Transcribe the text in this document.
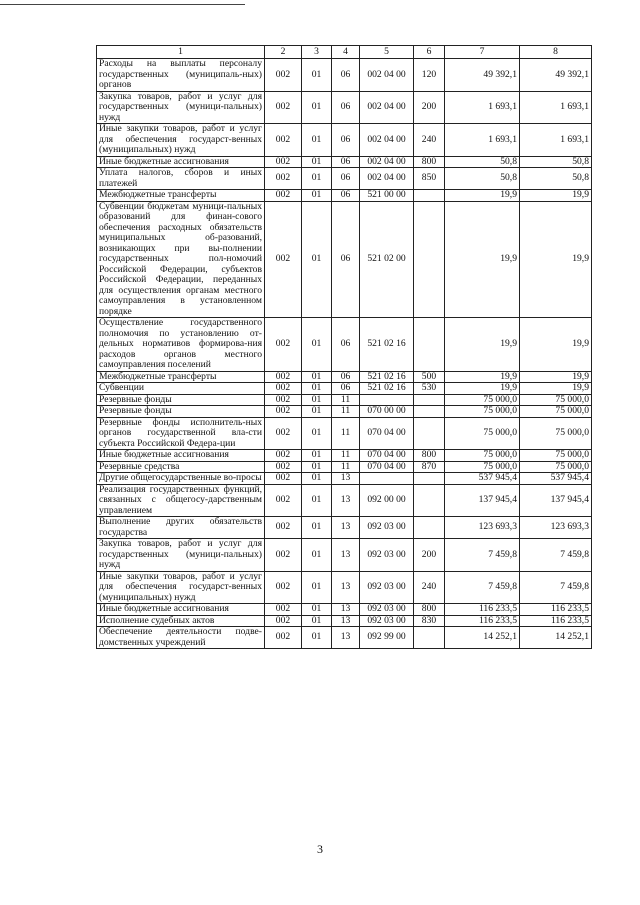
1	2	3	4	5	6	7	8
Расходы на выплаты персоналу государственных (муниципаль-ных) органов	002	01	06	002 04 00	120	49 392,1	49 392,1
Закупка товаров, работ и услуг для государственных (муници-пальных) нужд	002	01	06	002 04 00	200	1 693,1	1 693,1
Иные закупки товаров, работ и услуг для обеспечения государст-венных (муниципальных) нужд	002	01	06	002 04 00	240	1 693,1	1 693,1
Иные бюджетные ассигнования	002	01	06	002 04 00	800	50,8	50,8
Уплата налогов, сборов и иных платежей	002	01	06	002 04 00	850	50,8	50,8
Межбюджетные трансферты	002	01	06	521 00 00		19,9	19,9
Субвенции бюджетам муници-пальных образований для финан-сового обеспечения расходных обязательств муниципальных об-разований, возникающих при вы-полнении государственных пол-номочий Российской Федерации, субъектов Российской Федерации, переданных для осуществления органам местного самоуправления в установленном порядке	002	01	06	521 02 00		19,9	19,9
Осуществление государственного полномочия по установлению от-дельных нормативов формирова-ния расходов органов местного самоуправления поселений	002	01	06	521 02 16		19,9	19,9
Межбюджетные трансферты	002	01	06	521 02 16	500	19,9	19,9
Субвенции	002	01	06	521 02 16	530	19,9	19,9
Резервные фонды	002	01	11			75 000,0	75 000,0
Резервные фонды	002	01	11	070 00 00		75 000,0	75 000,0
Резервные фонды исполнитель-ных органов государственной вла-сти субъекта Российской Федера-ции	002	01	11	070 04 00		75 000,0	75 000,0
Иные бюджетные ассигнования	002	01	11	070 04 00	800	75 000,0	75 000,0
Резервные средства	002	01	11	070 04 00	870	75 000,0	75 000,0
Другие общегосударственные во-просы	002	01	13			537 945,4	537 945,4
Реализация государственных функций, связанных с общегосу-дарственным управлением	002	01	13	092 00 00		137 945,4	137 945,4
Выполнение других обязательств государства	002	01	13	092 03 00		123 693,3	123 693,3
Закупка товаров, работ и услуг для государственных (муници-пальных) нужд	002	01	13	092 03 00	200	7 459,8	7 459,8
Иные закупки товаров, работ и услуг для обеспечения государст-венных (муниципальных) нужд	002	01	13	092 03 00	240	7 459,8	7 459,8
Иные бюджетные ассигнования	002	01	13	092 03 00	800	116 233,5	116 233,5
Исполнение судебных актов	002	01	13	092 03 00	830	116 233,5	116 233,5
Обеспечение деятельности подве-домственных учреждений	002	01	13	092 99 00		14 252,1	14 252,1
3
